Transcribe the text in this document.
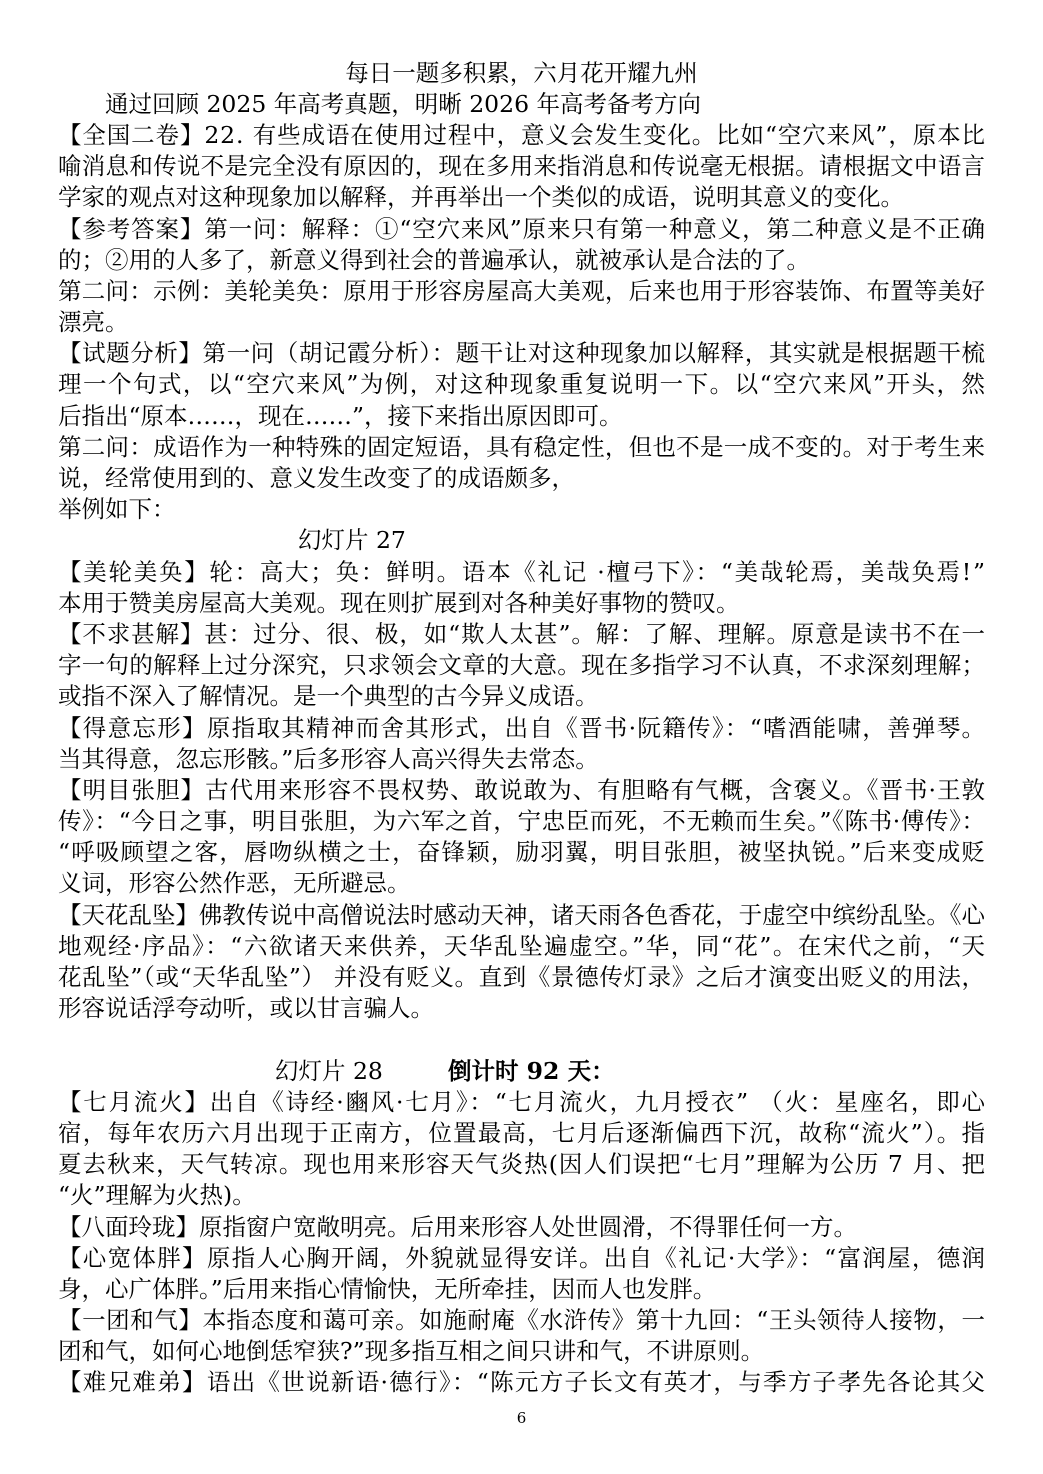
每日一题多积累，六月花开耀九州
通过回顾 2025 年高考真题，明晰 2026 年高考备考方向
【全国二卷】22. 有些成语在使用过程中，意义会发生变化。比如“空穴来风”，原本比
喻消息和传说不是完全没有原因的，现在多用来指消息和传说毫无根据。请根据文中语言
学家的观点对这种现象加以解释，并再举出一个类似的成语，说明其意义的变化。
【参考答案】第一问：解释：①“空穴来风”原来只有第一种意义，第二种意义是不正确
的；②用的人多了，新意义得到社会的普遍承认，就被承认是合法的了。
第二问：示例：美轮美奂：原用于形容房屋高大美观，后来也用于形容装饰、布置等美好
漂亮。
【试题分析】第一问（胡记霞分析）：题干让对这种现象加以解释，其实就是根据题干梳
理一个句式，以“空穴来风”为例，对这种现象重复说明一下。以“空穴来风”开头，然
后指出“原本……，现在……”，接下来指出原因即可。
第二问：成语作为一种特殊的固定短语，具有稳定性，但也不是一成不变的。对于考生来
说，经常使用到的、意义发生改变了的成语颇多，
举例如下：
幻灯片 27
【美轮美奂】轮：高大；奂：鲜明。语本《礼记 ·檀弓下》：“美哉轮焉，美哉奂焉!”
本用于赞美房屋高大美观。现在则扩展到对各种美好事物的赞叹。
【不求甚解】甚：过分、很、极，如“欺人太甚”。解：了解、理解。原意是读书不在一
字一句的解释上过分深究，只求领会文章的大意。现在多指学习不认真，不求深刻理解；
或指不深入了解情况。是一个典型的古今异义成语。
【得意忘形】原指取其精神而舍其形式，出自《晋书·阮籍传》：“嗜酒能啸，善弹琴。
当其得意，忽忘形骸。”后多形容人高兴得失去常态。
【明目张胆】古代用来形容不畏权势、敢说敢为、有胆略有气概，含褒义。《晋书·王敦
传》：“今日之事，明目张胆，为六军之首，宁忠臣而死，不无赖而生矣。”《陈书·傅传》：
“呼吸顾望之客，唇吻纵横之士，奋锋颖，励羽翼，明目张胆，被坚执锐。”后来变成贬
义词，形容公然作恶，无所避忌。
【天花乱坠】佛教传说中高僧说法时感动天神，诸天雨各色香花，于虚空中缤纷乱坠。《心
地观经·序品》：“六欲诸天来供养，天华乱坠遍虚空。”华，同“花”。在宋代之前，“天
花乱坠”（或“天华乱坠”） 并没有贬义。直到《景德传灯录》之后才演变出贬义的用法，
形容说话浮夸动听，或以甘言骗人。
幻灯片 28	倒计时 92 天：
【七月流火】出自《诗经·豳风·七月》：“七月流火，九月授衣” （火：星座名，即心
宿，每年农历六月出现于正南方，位置最高，七月后逐渐偏西下沉，故称“流火”）。指
夏去秋来，天气转凉。现也用来形容天气炎热(因人们误把“七月”理解为公历 7 月、把
“火”理解为火热)。
【八面玲珑】原指窗户宽敞明亮。后用来形容人处世圆滑，不得罪任何一方。
【心宽体胖】原指人心胸开阔，外貌就显得安详。出自《礼记·大学》：“富润屋，德润
身，心广体胖。”后用来指心情愉快，无所牵挂，因而人也发胖。
【一团和气】本指态度和蔼可亲。如施耐庵《水浒传》第十九回：“王头领待人接物，一
团和气，如何心地倒恁窄狭?”现多指互相之间只讲和气，不讲原则。
【难兄难弟】语出《世说新语·德行》：“陈元方子长文有英才，与季方子孝先各论其父
6
